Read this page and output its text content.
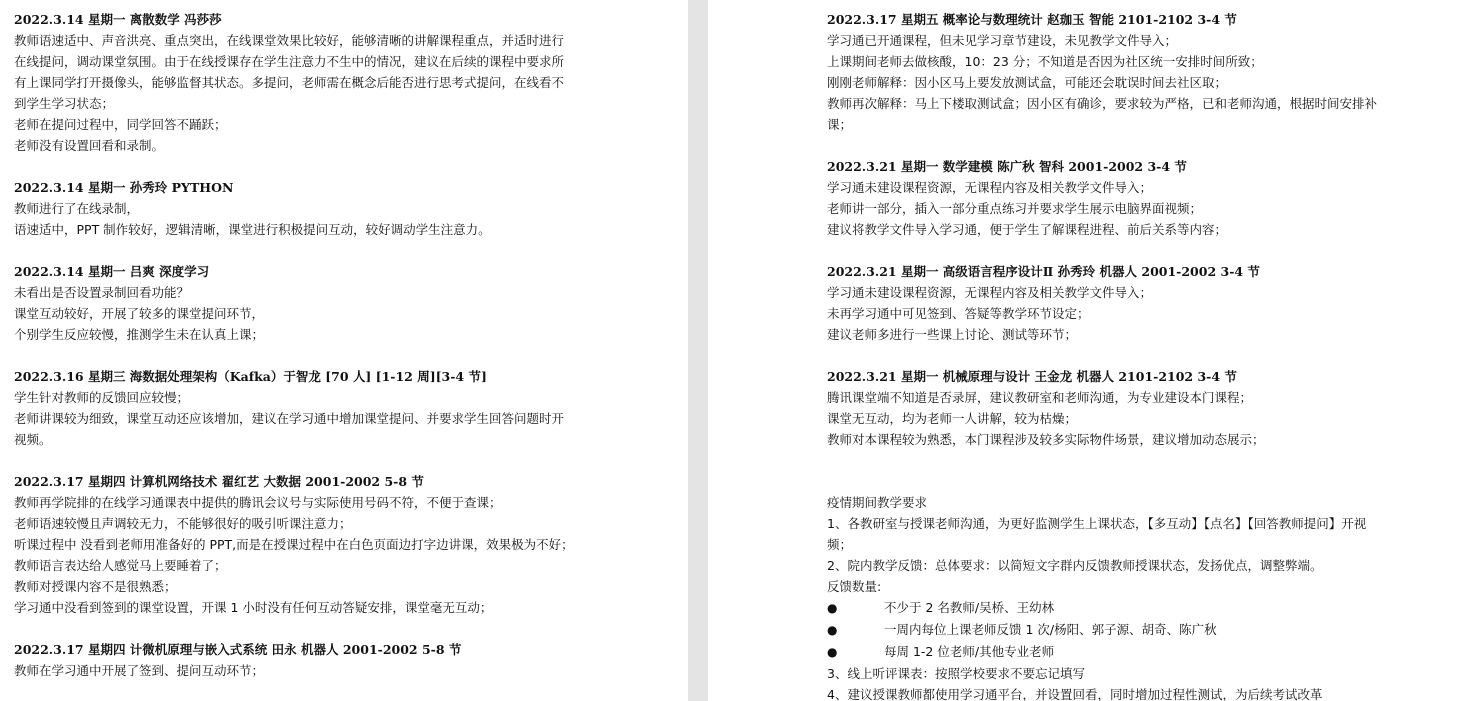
2022.3.14 星期一 离散数学 冯莎莎

教师语速适中、声音洪亮、重点突出，在线课堂效果比较好，能够清晰的讲解课程重点，并适时进行在线提问，调动课堂氛围。由于在线授课存在学生注意力不生中的情况，建议在后续的课程中要求所有上课同学打开摄像头，能够监督其状态。多提问，老师需在概念后能否进行思考式提问，在线看不到学生学习状态；

老师在提问过程中，同学回答不踊跃；

老师没有设置回看和录制。

2022.3.14 星期一 孙秀玲 PYTHON

教师进行了在线录制，

语速适中，PPT 制作较好，逻辑清晰，课堂进行积极提问互动，较好调动学生注意力。

2022.3.14 星期一 吕爽 深度学习

未看出是否设置录制回看功能？

课堂互动较好，开展了较多的课堂提问环节，

个别学生反应较慢，推测学生未在认真上课；

2022.3.16 星期三 海数据处理架构（Kafka）于智龙 [70 人] [1-12 周][3-4 节]

学生针对教师的反馈回应较慢；

老师讲课较为细致，课堂互动还应该增加，建议在学习通中增加课堂提问、并要求学生回答问题时开视频。

2022.3.17 星期四 计算机网络技术 翟红艺 大数据 2001-2002 5-8 节

教师再学院排的在线学习通课表中提供的腾讯会议号与实际使用号码不符，不便于查课；

老师语速较慢且声调较无力，不能够很好的吸引听课注意力；

听课过程中 没看到老师用准备好的 PPT,而是在授课过程中在白色页面边打字边讲课，效果极为不好；

教师语言表达给人感觉马上要睡着了；

教师对授课内容不是很熟悉；

学习通中没看到签到的课堂设置，开课 1 小时没有任何互动答疑安排，课堂毫无互动；

2022.3.17 星期四 计微机原理与嵌入式系统 田永 机器人 2001-2002 5-8 节

教师在学习通中开展了签到、提问互动环节；

2022.3.17 星期五 概率论与数理统计 赵珈玉 智能 2101-2102 3-4 节

学习通已开通课程，但未见学习章节建设，未见教学文件导入；

上课期间老师去做核酸，10：23 分；不知道是否因为社区统一安排时间所致；

刚刚老师解释：因小区马上要发放测试盒，可能还会耽误时间去社区取；

教师再次解释：马上下楼取测试盒；因小区有确诊，要求较为严格，已和老师沟通，根据时间安排补课；

2022.3.21 星期一 数学建模 陈广秋 智科 2001-2002 3-4 节

学习通未建设课程资源，无课程内容及相关教学文件导入；

老师讲一部分，插入一部分重点练习并要求学生展示电脑界面视频；

建议将教学文件导入学习通，便于学生了解课程进程、前后关系等内容；

2022.3.21 星期一 高级语言程序设计Ⅱ 孙秀玲 机器人 2001-2002 3-4 节

学习通未建设课程资源，无课程内容及相关教学文件导入；

未再学习通中可见签到、答疑等教学环节设定；

建议老师多进行一些课上讨论、测试等环节；

2022.3.21 星期一 机械原理与设计 王金龙 机器人 2101-2102 3-4 节

腾讯课堂端不知道是否录屏，建议教研室和老师沟通，为专业建设本门课程；

课堂无互动，均为老师一人讲解，较为枯燥；

教师对本课程较为熟悉，本门课程涉及较多实际物件场景，建议增加动态展示；

疫情期间教学要求
1、各教研室与授课老师沟通，为更好监测学生上课状态，【多互动】【点名】【回答教师提问】开视频；
2、院内教学反馈：总体要求：以简短文字群内反馈教师授课状态，发扬优点，调整弊端。
反馈数量:
●	不少于 2 名教师/吴桥、王幼林
●	一周内每位上课老师反馈 1 次/杨阳、郭子源、胡奇、陈广秋
●	每周 1-2 位老师/其他专业老师
3、线上听评课表：按照学校要求不要忘记填写
4、建议授课教师都使用学习通平台，并设置回看，同时增加过程性测试，为后续考试改革
